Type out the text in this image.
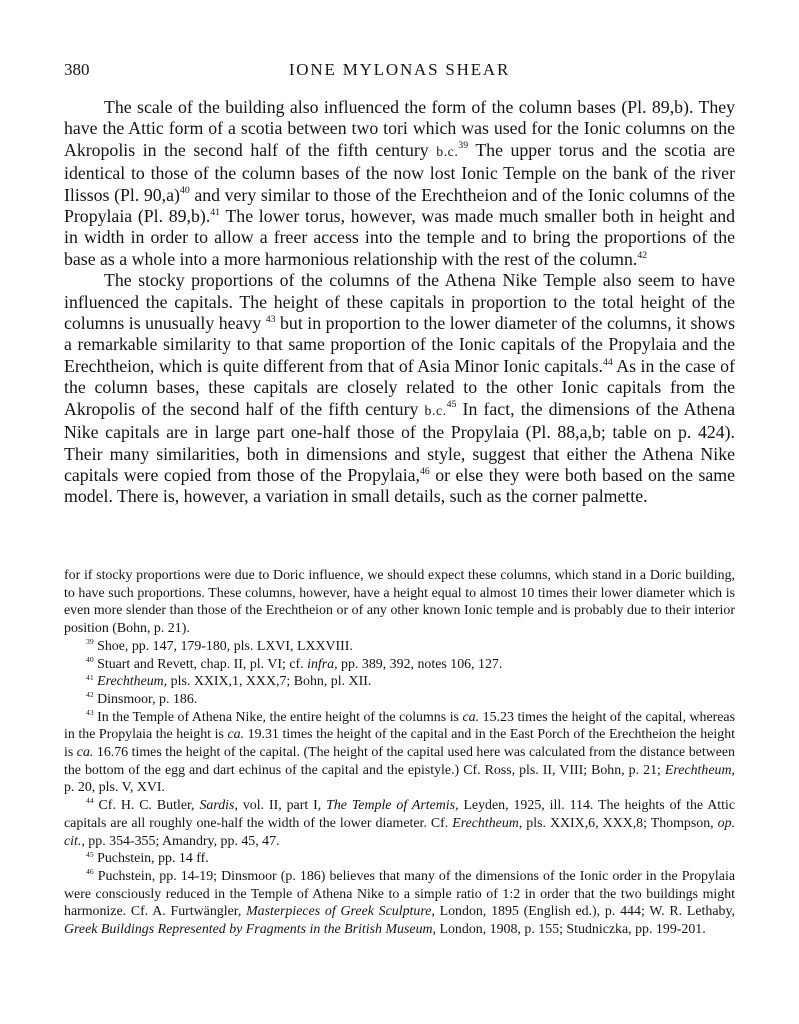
380	IONE MYLONAS SHEAR

The scale of the building also influenced the form of the column bases (Pl. 89,b). They have the Attic form of a scotia between two tori which was used for the Ionic columns on the Akropolis in the second half of the fifth century b.c.$^{39}$ The upper torus and the scotia are identical to those of the column bases of the now lost Ionic Temple on the bank of the river Ilissos (Pl. 90,a)$^{40}$ and very similar to those of the Erechtheion and of the Ionic columns of the Propylaia (Pl. 89,b).$^{41}$ The lower torus, however, was made much smaller both in height and in width in order to allow a freer access into the temple and to bring the proportions of the base as a whole into a more harmonious relationship with the rest of the column.$^{42}$

The stocky proportions of the columns of the Athena Nike Temple also seem to have influenced the capitals. The height of these capitals in proportion to the total height of the columns is unusually heavy $^{43}$ but in proportion to the lower diameter of the columns, it shows a remarkable similarity to that same proportion of the Ionic capitals of the Propylaia and the Erechtheion, which is quite different from that of Asia Minor Ionic capitals.$^{44}$ As in the case of the column bases, these capitals are closely related to the other Ionic capitals from the Akropolis of the second half of the fifth century b.c.$^{45}$ In fact, the dimensions of the Athena Nike capitals are in large part one-half those of the Propylaia (Pl. 88,a,b; table on p. 424). Their many similarities, both in dimensions and style, suggest that either the Athena Nike capitals were copied from those of the Propylaia,$^{46}$ or else they were both based on the same model. There is, however, a variation in small details, such as the corner palmette.

for if stocky proportions were due to Doric influence, we should expect these columns, which stand in a Doric building, to have such proportions. These columns, however, have a height equal to almost 10 times their lower diameter which is even more slender than those of the Erechtheion or of any other known Ionic temple and is probably due to their interior position (Bohn, p. 21).

$^{39}$ Shoe, pp. 147, 179-180, pls. LXVI, LXXVIII.

$^{40}$ Stuart and Revett, chap. II, pl. VI; cf. infra, pp. 389, 392, notes 106, 127.

$^{41}$ Erechtheum, pls. XXIX,1, XXX,7; Bohn, pl. XII.

$^{42}$ Dinsmoor, p. 186.

$^{43}$ In the Temple of Athena Nike, the entire height of the columns is ca. 15.23 times the height of the capital, whereas in the Propylaia the height is ca. 19.31 times the height of the capital and in the East Porch of the Erechtheion the height is ca. 16.76 times the height of the capital. (The height of the capital used here was calculated from the distance between the bottom of the egg and dart echinus of the capital and the epistyle.) Cf. Ross, pls. II, VIII; Bohn, p. 21; Erechtheum, p. 20, pls. V, XVI.

$^{44}$ Cf. H. C. Butler, Sardis, vol. II, part I, The Temple of Artemis, Leyden, 1925, ill. 114. The heights of the Attic capitals are all roughly one-half the width of the lower diameter. Cf. Erechtheum, pls. XXIX,6, XXX,8; Thompson, op. cit., pp. 354-355; Amandry, pp. 45, 47.

$^{45}$ Puchstein, pp. 14 ff.

$^{46}$ Puchstein, pp. 14-19; Dinsmoor (p. 186) believes that many of the dimensions of the Ionic order in the Propylaia were consciously reduced in the Temple of Athena Nike to a simple ratio of 1:2 in order that the two buildings might harmonize. Cf. A. Furtwängler, Masterpieces of Greek Sculpture, London, 1895 (English ed.), p. 444; W. R. Lethaby, Greek Buildings Represented by Fragments in the British Museum, London, 1908, p. 155; Studniczka, pp. 199-201.
